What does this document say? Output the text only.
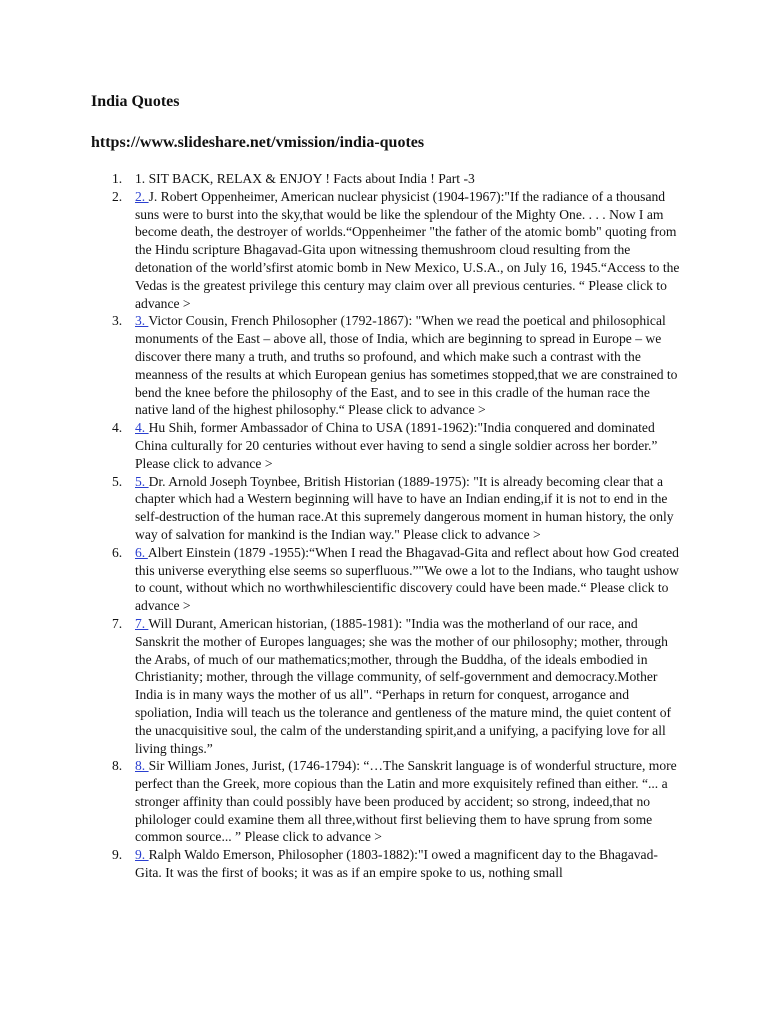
India Quotes

https://www.slideshare.net/vmission/india-quotes

1. 1. SIT BACK, RELAX & ENJOY ! Facts about India ! Part -3
2. 2. J. Robert Oppenheimer, American nuclear physicist (1904-1967):"If the radiance of a thousand suns were to burst into the sky,that would be like the splendour of the Mighty One. . . . Now I am become death, the destroyer of worlds.“Oppenheimer "the father of the atomic bomb" quoting from the Hindu scripture Bhagavad-Gita upon witnessing themushroom cloud resulting from the detonation of the world’sfirst atomic bomb in New Mexico, U.S.A., on July 16, 1945.“Access to the Vedas is the greatest privilege this century may claim over all previous centuries. “ Please click to advance >
3. 3. Victor Cousin, French Philosopher (1792-1867): "When we read the poetical and philosophical monuments of the East – above all, those of India, which are beginning to spread in Europe – we discover there many a truth, and truths so profound, and which make such a contrast with the meanness of the results at which European genius has sometimes stopped,that we are constrained to bend the knee before the philosophy of the East, and to see in this cradle of the human race the native land of the highest philosophy.“ Please click to advance >
4. 4. Hu Shih, former Ambassador of China to USA (1891-1962):"India conquered and dominated China culturally for 20 centuries without ever having to send a single soldier across her border.” Please click to advance >
5. 5. Dr. Arnold Joseph Toynbee, British Historian (1889-1975): "It is already becoming clear that a chapter which had a Western beginning will have to have an Indian ending,if it is not to end in the self-destruction of the human race.At this supremely dangerous moment in human history, the only way of salvation for mankind is the Indian way." Please click to advance >
6. 6. Albert Einstein (1879 -1955):“When I read the Bhagavad-Gita and reflect about how God created this universe everything else seems so superfluous.”"We owe a lot to the Indians, who taught ushow to count, without which no worthwhilescientific discovery could have been made.“ Please click to advance >
7. 7. Will Durant, American historian, (1885-1981): "India was the motherland of our race, and Sanskrit the mother of Europes languages; she was the mother of our philosophy; mother, through the Arabs, of much of our mathematics;mother, through the Buddha, of the ideals embodied in Christianity; mother, through the village community, of self-government and democracy.Mother India is in many ways the mother of us all". “Perhaps in return for conquest, arrogance and spoliation, India will teach us the tolerance and gentleness of the mature mind, the quiet content of the unacquisitive soul, the calm of the understanding spirit,and a unifying, a pacifying love for all living things.”
8. 8. Sir William Jones, Jurist, (1746-1794): “…The Sanskrit language is of wonderful structure, more perfect than the Greek, more copious than the Latin and more exquisitely refined than either. “... a stronger affinity than could possibly have been produced by accident; so strong, indeed,that no philologer could examine them all three,without first believing them to have sprung from some common source... ” Please click to advance >
9. 9. Ralph Waldo Emerson, Philosopher (1803-1882):"I owed a magnificent day to the Bhagavad-Gita. It was the first of books; it was as if an empire spoke to us, nothing small
